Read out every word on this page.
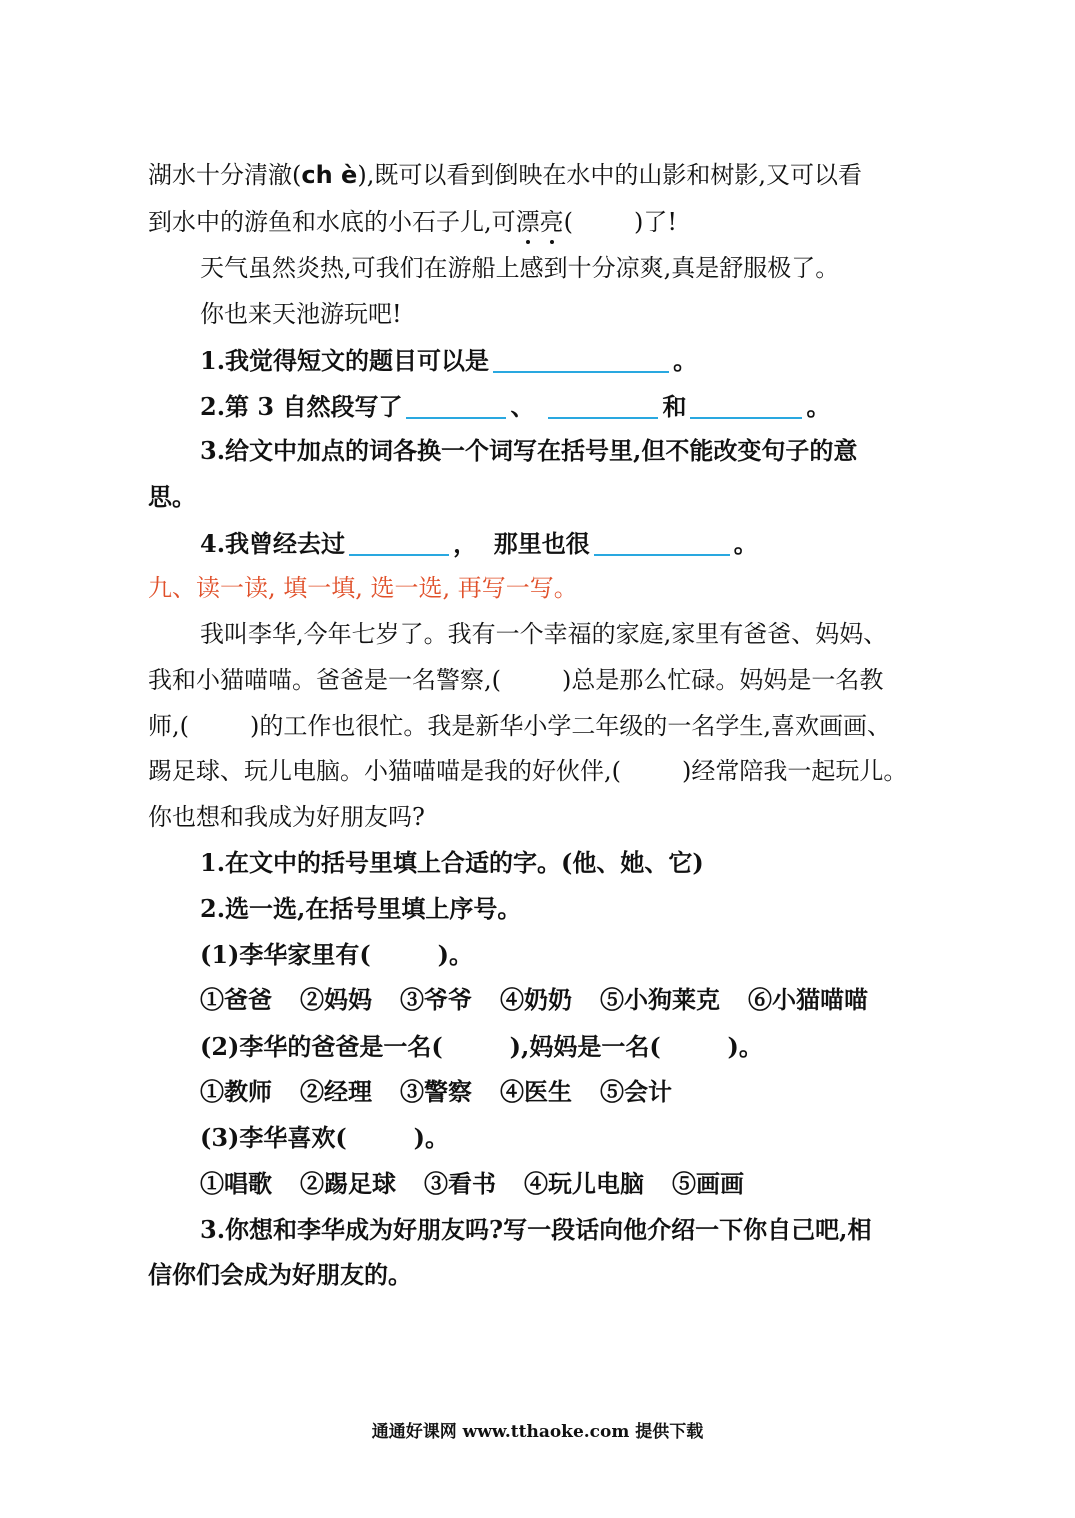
湖水十分清澈(ch è),既可以看到倒映在水中的山影和树影,又可以看
到水中的游鱼和水底的小石子儿,可漂亮(        )了!
天气虽然炎热,可我们在游船上感到十分凉爽,真是舒服极了。
你也来天池游玩吧!
1.我觉得短文的题目可以是	。
2.第 3 自然段写了	、	和	。
3.给文中加点的词各换一个词写在括号里,但不能改变句子的意
思。
4.我曾经去过	，  那里也很	。
九、读一读, 填一填, 选一选, 再写一写。
我叫李华,今年七岁了。我有一个幸福的家庭,家里有爸爸、妈妈、
我和小猫喵喵。爸爸是一名警察,(        )总是那么忙碌。妈妈是一名教
师,(        )的工作也很忙。我是新华小学二年级的一名学生,喜欢画画、
踢足球、玩儿电脑。小猫喵喵是我的好伙伴,(        )经常陪我一起玩儿。
你也想和我成为好朋友吗?
1.在文中的括号里填上合适的字。(他、她、它)
2.选一选,在括号里填上序号。
(1)李华家里有(        )。
①爸爸 ②妈妈 ③爷爷 ④奶奶 ⑤小狗莱克 ⑥小猫喵喵
(2)李华的爸爸是一名(        ),妈妈是一名(        )。
①教师 ②经理 ③警察 ④医生 ⑤会计
(3)李华喜欢(        )。
①唱歌 ②踢足球 ③看书 ④玩儿电脑 ⑤画画
3.你想和李华成为好朋友吗?写一段话向他介绍一下你自己吧,相
信你们会成为好朋友的。
通通好课网 www.tthaoke.com 提供下载
